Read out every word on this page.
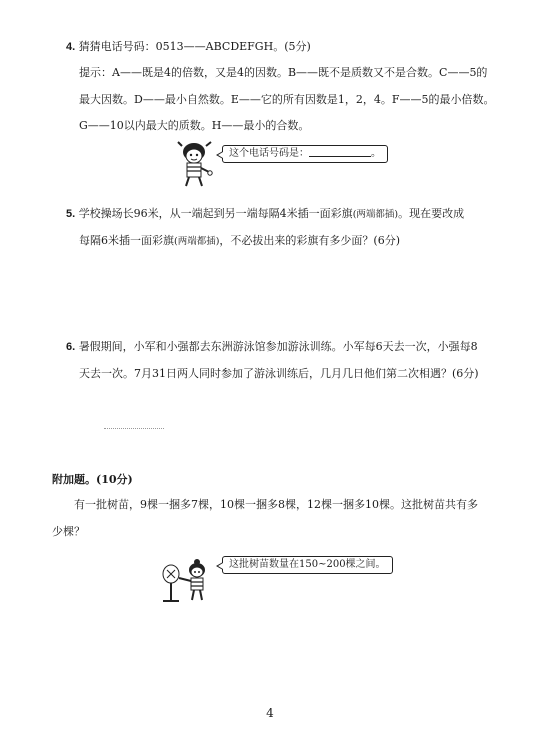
4. 猜猜电话号码：0513——ABCDEFGH。(5分)
提示：A——既是4的倍数，又是4的因数。B——既不是质数又不是合数。C——5的
最大因数。D——最小自然数。E——它的所有因数是1，2，4。F——5的最小倍数。
G——10以内最大的质数。H——最小的合数。
这个电话号码是：	。
5. 学校操场长96米，从一端起到另一端每隔4米插一面彩旗(两端都插)。现在要改成
每隔6米插一面彩旗(两端都插)，不必拔出来的彩旗有多少面？(6分)
6. 暑假期间，小军和小强都去东洲游泳馆参加游泳训练。小军每6天去一次，小强每8
天去一次。7月31日两人同时参加了游泳训练后，几月几日他们第二次相遇？(6分)
附加题。(10分)
有一批树苗，9棵一捆多7棵，10棵一捆多8棵，12棵一捆多10棵。这批树苗共有多
少棵？
这批树苗数量在150~200棵之间。
4
